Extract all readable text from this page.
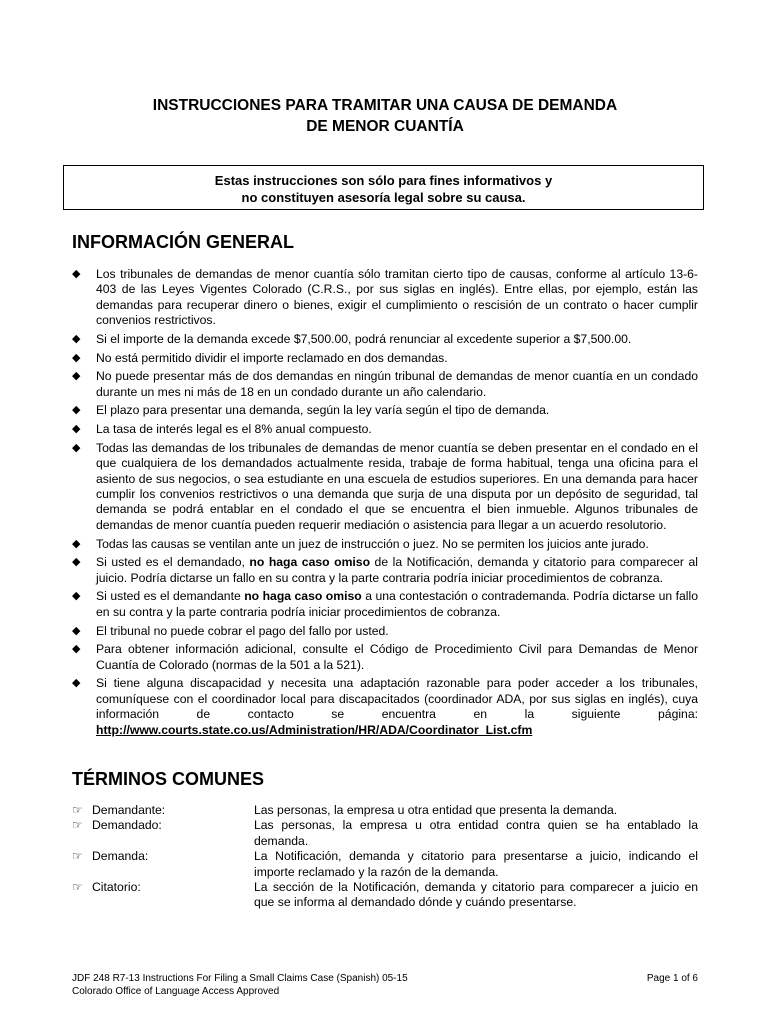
INSTRUCCIONES PARA TRAMITAR UNA CAUSA DE DEMANDA
DE MENOR CUANTÍA
Estas instrucciones son sólo para fines informativos y
no constituyen asesoría legal sobre su causa.
INFORMACIÓN GENERAL
◆ Los tribunales de demandas de menor cuantía sólo tramitan cierto tipo de causas, conforme al artículo 13-6-403 de las Leyes Vigentes Colorado (C.R.S., por sus siglas en inglés). Entre ellas, por ejemplo, están las demandas para recuperar dinero o bienes, exigir el cumplimiento o rescisión de un contrato o hacer cumplir convenios restrictivos.
◆ Si el importe de la demanda excede $7,500.00, podrá renunciar al excedente superior a $7,500.00.
◆ No está permitido dividir el importe reclamado en dos demandas.
◆ No puede presentar más de dos demandas en ningún tribunal de demandas de menor cuantía en un condado durante un mes ni más de 18 en un condado durante un año calendario.
◆ El plazo para presentar una demanda, según la ley varía según el tipo de demanda.
◆ La tasa de interés legal es el 8% anual compuesto.
◆ Todas las demandas de los tribunales de demandas de menor cuantía se deben presentar en el condado en el que cualquiera de los demandados actualmente resida, trabaje de forma habitual, tenga una oficina para el asiento de sus negocios, o sea estudiante en una escuela de estudios superiores. En una demanda para hacer cumplir los convenios restrictivos o una demanda que surja de una disputa por un depósito de seguridad, tal demanda se podrá entablar en el condado el que se encuentra el bien inmueble. Algunos tribunales de demandas de menor cuantía pueden requerir mediación o asistencia para llegar a un acuerdo resolutorio.
◆ Todas las causas se ventilan ante un juez de instrucción o juez. No se permiten los juicios ante jurado.
◆ Si usted es el demandado, no haga caso omiso de la Notificación, demanda y citatorio para comparecer al juicio. Podría dictarse un fallo en su contra y la parte contraria podría iniciar procedimientos de cobranza.
◆ Si usted es el demandante no haga caso omiso a una contestación o contrademanda. Podría dictarse un fallo en su contra y la parte contraria podría iniciar procedimientos de cobranza.
◆ El tribunal no puede cobrar el pago del fallo por usted.
◆ Para obtener información adicional, consulte el Código de Procedimiento Civil para Demandas de Menor Cuantía de Colorado (normas de la 501 a la 521).
◆ Si tiene alguna discapacidad y necesita una adaptación razonable para poder acceder a los tribunales, comuníquese con el coordinador local para discapacitados (coordinador ADA, por sus siglas en inglés), cuya información de contacto se encuentra en la siguiente página: http://www.courts.state.co.us/Administration/HR/ADA/Coordinator_List.cfm
TÉRMINOS COMUNES
☞ Demandante:	Las personas, la empresa u otra entidad que presenta la demanda.
☞ Demandado:	Las personas, la empresa u otra entidad contra quien se ha entablado la demanda.
☞ Demanda:	La Notificación, demanda y citatorio para presentarse a juicio, indicando el importe reclamado y la razón de la demanda.
☞ Citatorio:	La sección de la Notificación, demanda y citatorio para comparecer a juicio en que se informa al demandado dónde y cuándo presentarse.
JDF 248 R7-13 Instructions For Filing a Small Claims Case (Spanish) 05-15
Colorado Office of Language Access Approved
Page 1 of 6
